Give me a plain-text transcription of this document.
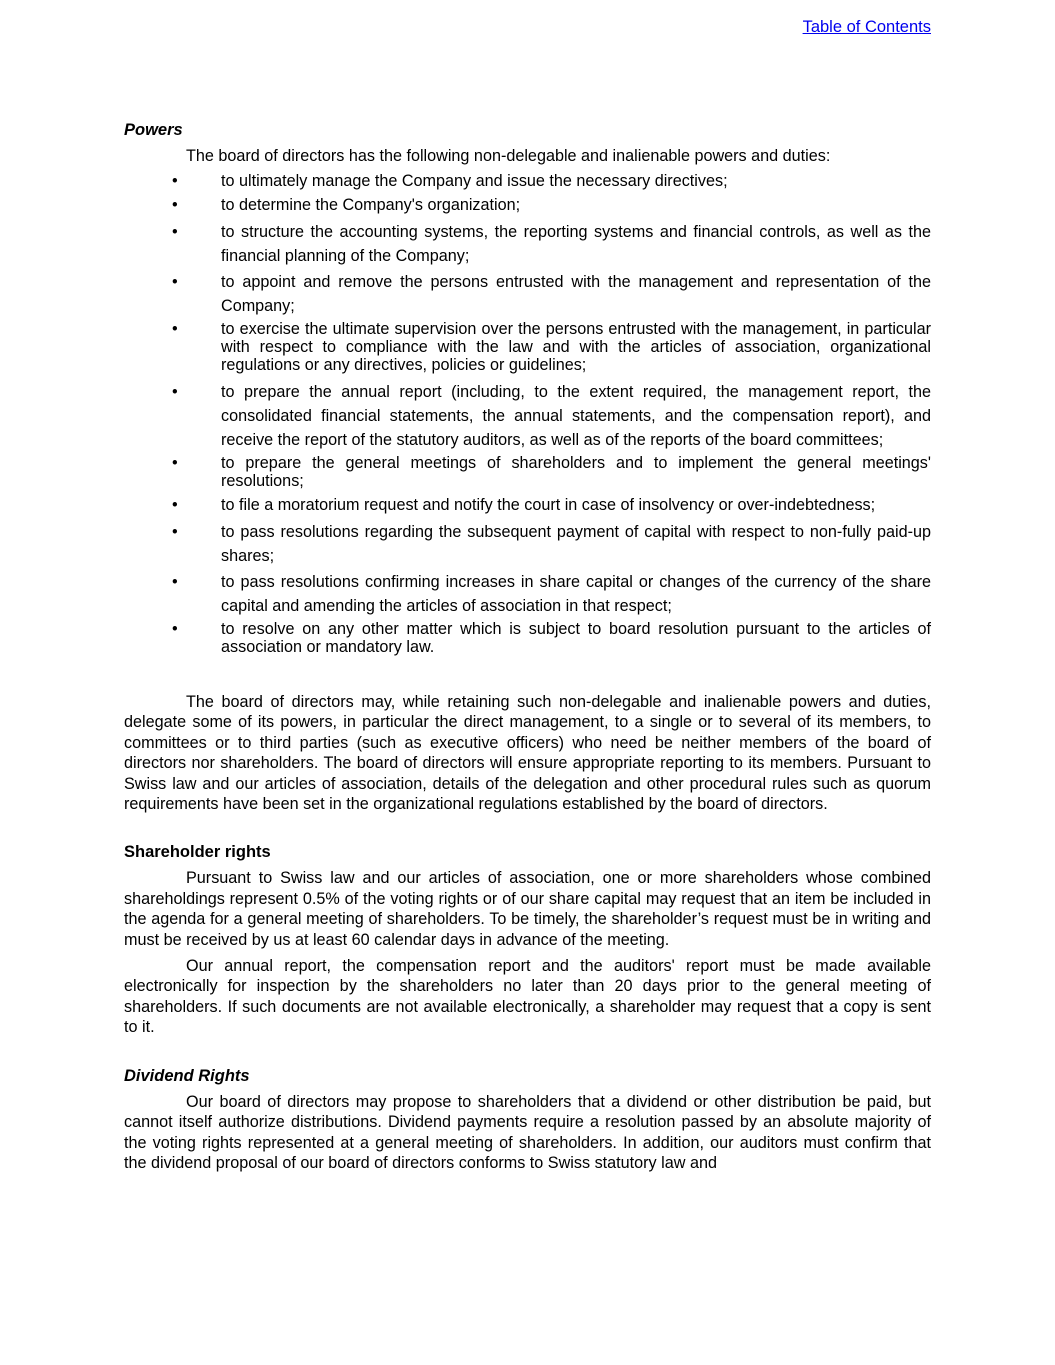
Table of Contents
Powers

The board of directors has the following non-delegable and inalienable powers and duties:

•	to ultimately manage the Company and issue the necessary directives;
•	to determine the Company's organization;
•	to structure the accounting systems, the reporting systems and financial controls, as well as the financial planning of the Company;
•	to appoint and remove the persons entrusted with the management and representation of the Company;
•	to exercise the ultimate supervision over the persons entrusted with the management, in particular with respect to compliance with the law and with the articles of association, organizational regulations or any directives, policies or guidelines;
•	to prepare the annual report (including, to the extent required, the management report, the consolidated financial statements, the annual statements, and the compensation report), and receive the report of the statutory auditors, as well as of the reports of the board committees;
•	to prepare the general meetings of shareholders and to implement the general meetings' resolutions;
•	to file a moratorium request and notify the court in case of insolvency or over-indebtedness;
•	to pass resolutions regarding the subsequent payment of capital with respect to non-fully paid-up shares;
•	to pass resolutions confirming increases in share capital or changes of the currency of the share capital and amending the articles of association in that respect;
•	to resolve on any other matter which is subject to board resolution pursuant to the articles of association or mandatory law.

The board of directors may, while retaining such non-delegable and inalienable powers and duties, delegate some of its powers, in particular the direct management, to a single or to several of its members, to committees or to third parties (such as executive officers) who need be neither members of the board of directors nor shareholders. The board of directors will ensure appropriate reporting to its members. Pursuant to Swiss law and our articles of association, details of the delegation and other procedural rules such as quorum requirements have been set in the organizational regulations established by the board of directors.

Shareholder rights

Pursuant to Swiss law and our articles of association, one or more shareholders whose combined shareholdings represent 0.5% of the voting rights or of our share capital may request that an item be included in the agenda for a general meeting of shareholders. To be timely, the shareholder’s request must be in writing and must be received by us at least 60 calendar days in advance of the meeting.

Our annual report, the compensation report and the auditors' report must be made available electronically for inspection by the shareholders no later than 20 days prior to the general meeting of shareholders. If such documents are not available electronically, a shareholder may request that a copy is sent to it.

Dividend Rights

Our board of directors may propose to shareholders that a dividend or other distribution be paid, but cannot itself authorize distributions. Dividend payments require a resolution passed by an absolute majority of the voting rights represented at a general meeting of shareholders. In addition, our auditors must confirm that the dividend proposal of our board of directors conforms to Swiss statutory law and
